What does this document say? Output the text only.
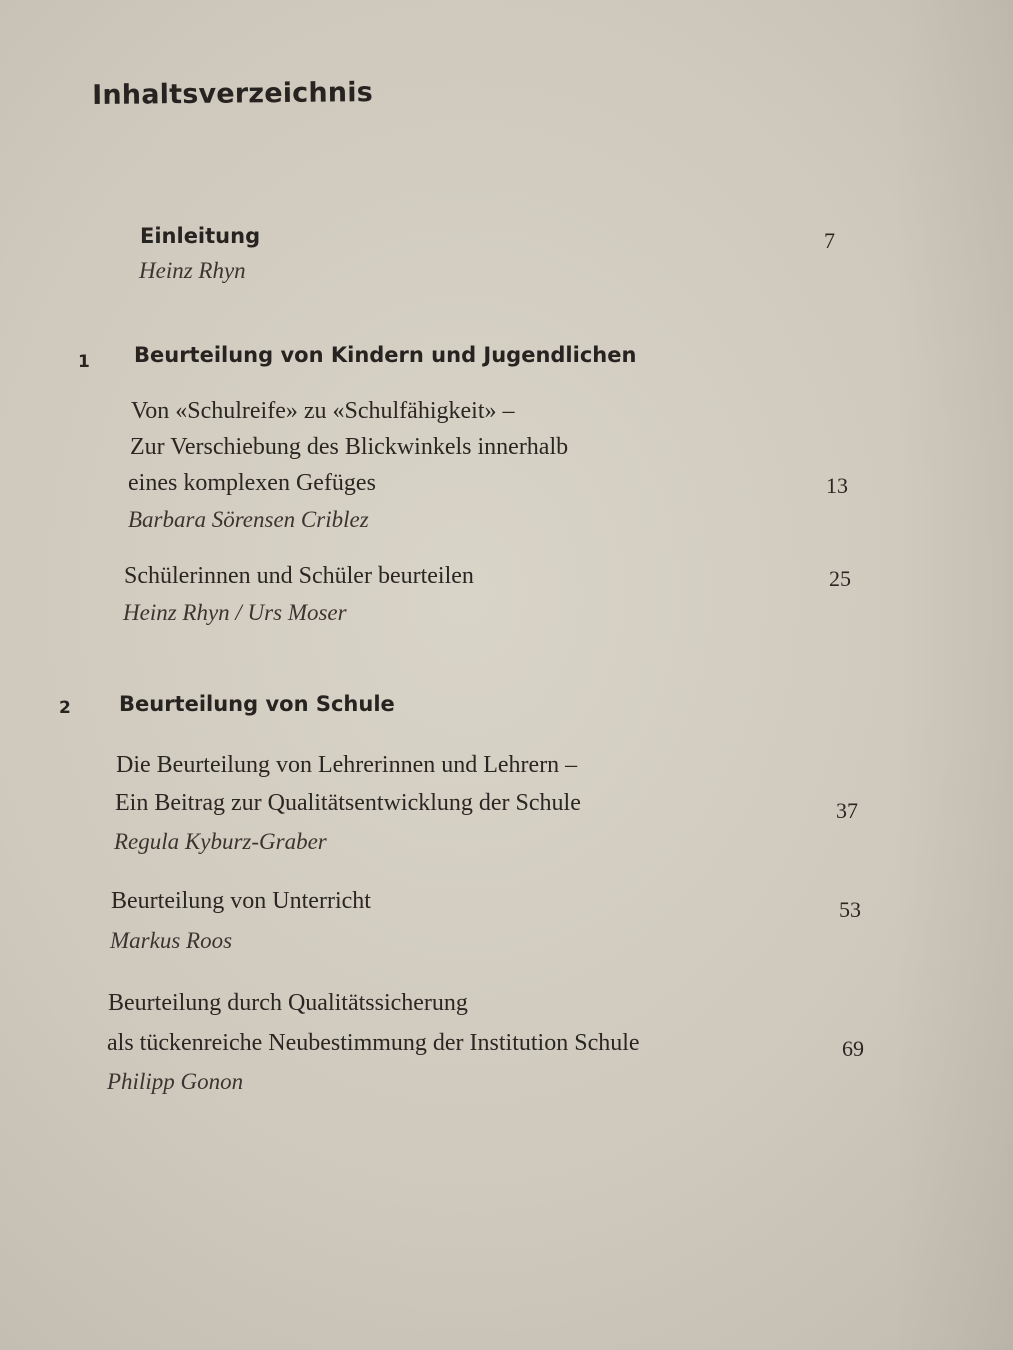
Inhaltsverzeichnis
Einleitung
Heinz Rhyn
7
1 Beurteilung von Kindern und Jugendlichen
Von «Schulreife» zu «Schulfähigkeit» –
Zur Verschiebung des Blickwinkels innerhalb
eines komplexen Gefüges
Barbara Sörensen Criblez
13
Schülerinnen und Schüler beurteilen
Heinz Rhyn / Urs Moser
25
2 Beurteilung von Schule
Die Beurteilung von Lehrerinnen und Lehrern –
Ein Beitrag zur Qualitätsentwicklung der Schule
Regula Kyburz-Graber
37
Beurteilung von Unterricht
Markus Roos
53
Beurteilung durch Qualitätssicherung
als tückenreiche Neubestimmung der Institution Schule
Philipp Gonon
69
